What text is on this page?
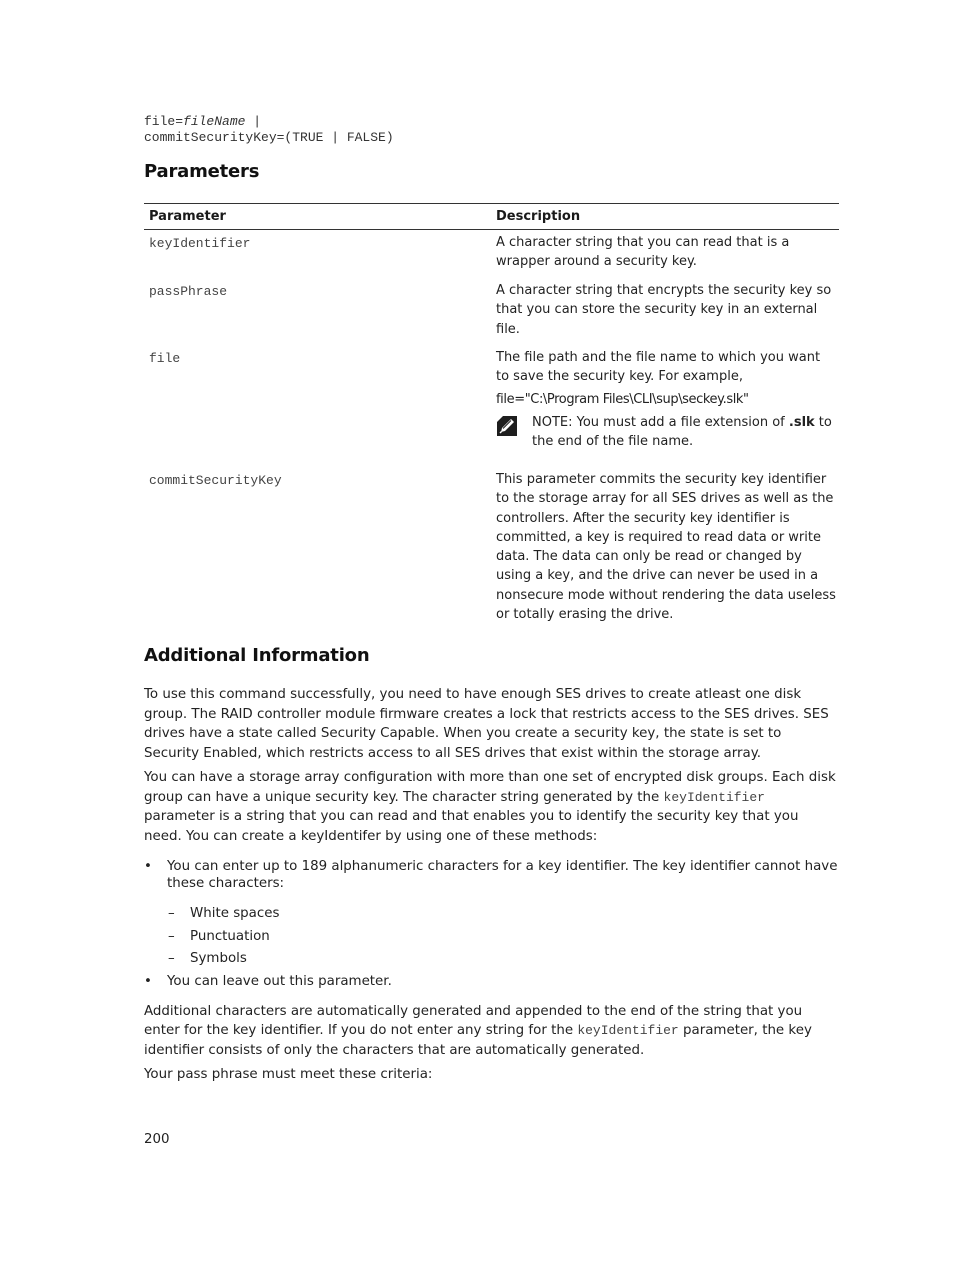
file=fileName |
commitSecurityKey=(TRUE | FALSE)
Parameters
Parameter	Description
keyIdentifier	A character string that you can read that is a wrapper around a security key.

passPhrase	A character string that encrypts the security key so that you can store the security key in an external file.

file	The file path and the file name to which you want to save the security key. For example,

file="C:\Program Files\CLI\sup\seckey.slk"

NOTE: You must add a file extension of .slk to the end of the file name.
commitSecurityKey	This parameter commits the security key identifier to the storage array for all SES drives as well as the controllers. After the security key identifier is committed, a key is required to read data or write data. The data can only be read or changed by using a key, and the drive can never be used in a nonsecure mode without rendering the data useless or totally erasing the drive.

Additional Information

To use this command successfully, you need to have enough SES drives to create atleast one disk group. The RAID controller module firmware creates a lock that restricts access to the SES drives. SES drives have a state called Security Capable. When you create a security key, the state is set to Security Enabled, which restricts access to all SES drives that exist within the storage array.

You can have a storage array configuration with more than one set of encrypted disk groups. Each disk group can have a unique security key. The character string generated by the keyIdentifier parameter is a string that you can read and that enables you to identify the security key that you need. You can create a keyIdentifer by using one of these methods:

• You can enter up to 189 alphanumeric characters for a key identifier. The key identifier cannot have these characters:
– White spaces
– Punctuation
– Symbols
• You can leave out this parameter.

Additional characters are automatically generated and appended to the end of the string that you enter for the key identifier. If you do not enter any string for the keyIdentifier parameter, the key identifier consists of only the characters that are automatically generated.

Your pass phrase must meet these criteria:

200
